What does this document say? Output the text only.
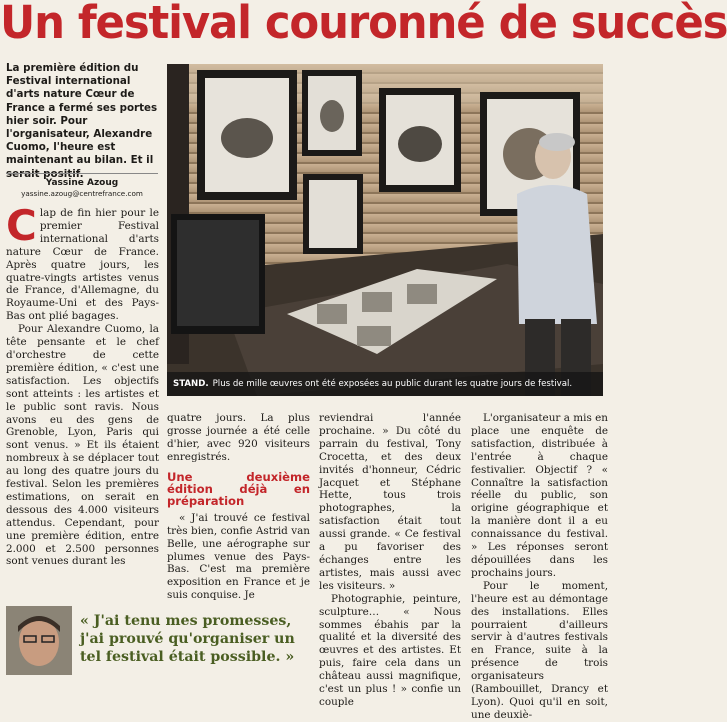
Un festival couronné de succès
La première édition du Festival international d'arts nature Cœur de France a fermé ses portes hier soir. Pour l'organisateur, Alexandre Cuomo, l'heure est maintenant au bilan. Et il serait positif.
Yassine Azoug
yassine.azoug@centrefrance.com
STAND. Plus de mille œuvres ont été exposées au public durant les quatre jours de festival.

Clap de fin hier pour le premier Festival international d'arts nature Cœur de France. Après quatre jours, les quatre-vingts artistes venus de France, d'Allemagne, du Royaume-Uni et des Pays-Bas ont plié bagages.

Pour Alexandre Cuomo, la tête pensante et le chef d'orchestre de cette première édition, « c'est une satisfaction. Les objectifs sont atteints : les artistes et le public sont ravis. Nous avons eu des gens de Grenoble, Lyon, Paris qui sont venus. » Et ils étaient nombreux à se déplacer tout au long des quatre jours du festival. Selon les premières estimations, on serait en dessous des 4.000 visiteurs attendus. Cependant, pour une première édition, entre 2.000 et 2.500 personnes sont venues durant les

quatre jours. La plus grosse journée a été celle d'hier, avec 920 visiteurs enregistrés.

Une deuxième édition déjà en préparation

« J'ai trouvé ce festival très bien, confie Astrid van Belle, une aérographe sur plumes venue des Pays-Bas. C'est ma première exposition en France et je suis conquise. Je

reviendrai l'année prochaine. » Du côté du parrain du festival, Tony Crocetta, et des deux invités d'honneur, Cédric Jacquet et Stéphane Hette, tous trois photographes, la satisfaction était tout aussi grande. « Ce festival a pu favoriser des échanges entre les artistes, mais aussi avec les visiteurs. »

Photographie, peinture, sculpture… « Nous sommes ébahis par la qualité et la diversité des œuvres et des artistes. Et puis, faire cela dans un château aussi magnifique, c'est un plus ! » confie un couple

L'organisateur a mis en place une enquête de satisfaction, distribuée à l'entrée à chaque festivalier. Objectif ? « Connaître la satisfaction réelle du public, son origine géographique et la manière dont il a eu connaissance du festival. » Les réponses seront dépouillées dans les prochains jours.

Pour le moment, l'heure est au démontage des installations. Elles pourraient d'ailleurs servir à d'autres festivals en France, suite à la présence de trois organisateurs (Rambouillet, Drancy et Lyon). Quoi qu'il en soit, une deuxiè-

« J'ai tenu mes promesses, j'ai prouvé qu'organiser un tel festival était possible. »
